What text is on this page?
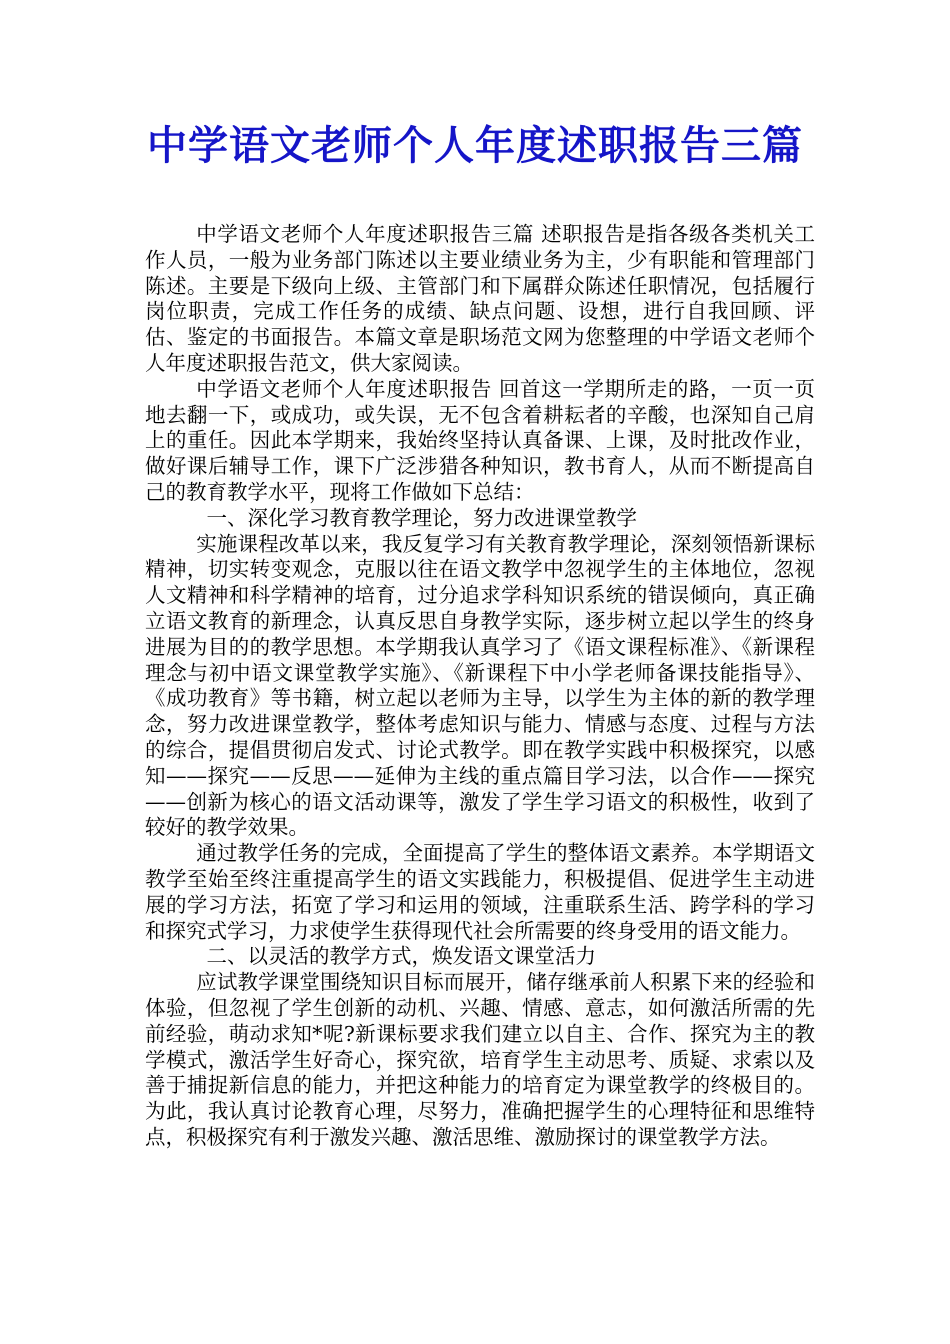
中学语文老师个人年度述职报告三篇

中学语文老师个人年度述职报告三篇 述职报告是指各级各类机关工作人员，一般为业务部门陈述以主要业绩业务为主，少有职能和管理部门陈述。主要是下级向上级、主管部门和下属群众陈述任职情况，包括履行岗位职责，完成工作任务的成绩、缺点问题、设想，进行自我回顾、评估、鉴定的书面报告。本篇文章是职场范文网为您整理的中学语文老师个人年度述职报告范文，供大家阅读。

中学语文老师个人年度述职报告 回首这一学期所走的路，一页一页地去翻一下，或成功，或失误，无不包含着耕耘者的辛酸，也深知自己肩上的重任。因此本学期来，我始终坚持认真备课、上课，及时批改作业，做好课后辅导工作，课下广泛涉猎各种知识，教书育人，从而不断提高自己的教育教学水平，现将工作做如下总结：

一、深化学习教育教学理论，努力改进课堂教学

实施课程改革以来，我反复学习有关教育教学理论，深刻领悟新课标精神，切实转变观念，克服以往在语文教学中忽视学生的主体地位，忽视人文精神和科学精神的培育，过分追求学科知识系统的错误倾向，真正确立语文教育的新理念，认真反思自身教学实际，逐步树立起以学生的终身进展为目的的教学思想。本学期我认真学习了《语文课程标准》、《新课程理念与初中语文课堂教学实施》、《新课程下中小学老师备课技能指导》、《成功教育》等书籍，树立起以老师为主导，以学生为主体的新的教学理念，努力改进课堂教学，整体考虑知识与能力、情感与态度、过程与方法的综合，提倡贯彻启发式、讨论式教学。即在教学实践中积极探究，以感知——探究——反思——延伸为主线的重点篇目学习法，以合作——探究——创新为核心的语文活动课等，激发了学生学习语文的积极性，收到了较好的教学效果。

通过教学任务的完成，全面提高了学生的整体语文素养。本学期语文教学至始至终注重提高学生的语文实践能力，积极提倡、促进学生主动进展的学习方法，拓宽了学习和运用的领域，注重联系生活、跨学科的学习和探究式学习，力求使学生获得现代社会所需要的终身受用的语文能力。

二、以灵活的教学方式，焕发语文课堂活力

应试教学课堂围绕知识目标而展开，储存继承前人积累下来的经验和体验，但忽视了学生创新的动机、兴趣、情感、意志，如何激活所需的先前经验，萌动求知*呢?新课标要求我们建立以自主、合作、探究为主的教学模式，激活学生好奇心，探究欲，培育学生主动思考、质疑、求索以及善于捕捉新信息的能力，并把这种能力的培育定为课堂教学的终极目的。为此，我认真讨论教育心理，尽努力，准确把握学生的心理特征和思维特点，积极探究有利于激发兴趣、激活思维、激励探讨的课堂教学方法。
